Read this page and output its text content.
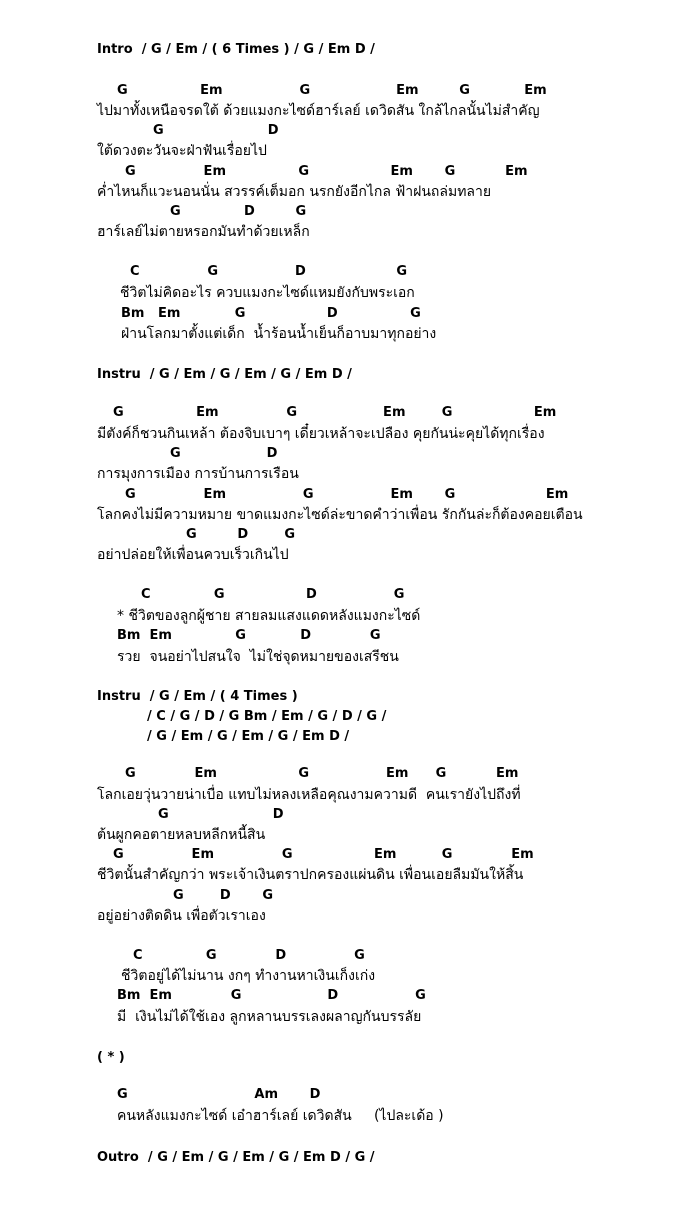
Intro  / G / Em / ( 6 Times ) / G / Em D /
G                Em                 G                   Em         G            Em
ไปมาทั้งเหนือจรดใต้ ด้วยแมงกะไซด์ฮาร์เลย์ เดวิดสัน ใกล้ไกลนั้นไม่สำคัญ
G                       D
ใต้ดวงตะวันจะฝ่าฟันเรื่อยไป
G               Em                G                  Em       G           Em
ค่ำไหนก็แวะนอนนั่น สวรรค์เต็มอก นรกยังอีกไกล ฟ้าฝนถล่มทลาย
G              D         G
ฮาร์เลย์ไม่ตายหรอกมันทำด้วยเหล็ก
C               G                 D                    G
ชีวิตไม่คิดอะไร ควบแมงกะไซด์แหมยังกับพระเอก
Bm   Em            G                  D                G
ฝ่านโลกมาตั้งแต่เด็ก  น้ำร้อนน้ำเย็นก็อาบมาทุกอย่าง
Instru  / G / Em / G / Em / G / Em D /
G                Em               G                   Em        G                  Em
มีตังค์ก็ชวนกินเหล้า ต้องจิบเบาๆ เดี๋ยวเหล้าจะเปลือง คุยกันน่ะคุยได้ทุกเรื่อง
G                   D
การมุงการเมือง การบ้านการเรือน
G               Em                 G                 Em       G                    Em
โลกคงไม่มีความหมาย ขาดแมงกะไซด์ล่ะขาดคำว่าเพื่อน รักกันล่ะก็ต้องคอยเตือน
G         D        G
อย่าปล่อยให้เพื่อนควบเร็วเกินไป
C              G                  D                 G
* ชีวิตของลูกผู้ชาย สายลมแสงแดดหลังแมงกะไซด์
Bm  Em              G            D             G
รวย  จนอย่าไปสนใจ  ไม่ใช่จุดหมายของเสรีชน
Instru  / G / Em / ( 4 Times )
/ C / G / D / G Bm / Em / G / D / G /
/ G / Em / G / Em / G / Em D /
G             Em                  G                 Em      G           Em
โลกเอยวุ่นวายน่าเบื่อ แทบไม่หลงเหลือคุณงามความดี  คนเรายังไปถึงที่
G                       D
ต้นผูกคอตายหลบหลีกหนี้สิน
G               Em               G                  Em          G             Em
ชีวิตนั้นสำคัญกว่า พระเจ้าเงินตราปกครองแผ่นดิน เพื่อนเอยลืมมันให้สิ้น
G        D       G
อยู่อย่างติดดิน เพื่อตัวเราเอง
C              G             D               G
ชีวิตอยู่ได้ไม่นาน งกๆ ทำงานหาเงินเก็งเก่ง
Bm  Em             G                   D                 G
มี  เงินไม่ได้ใช้เอง ลูกหลานบรรเลงผลาญกันบรรลัย
( * )
G                            Am       D
คนหลังแมงกะไซด์ เอ๋าฮาร์เลย์ เดวิดสัน     (ไปละเด้อ )
Outro  / G / Em / G / Em / G / Em D / G /
